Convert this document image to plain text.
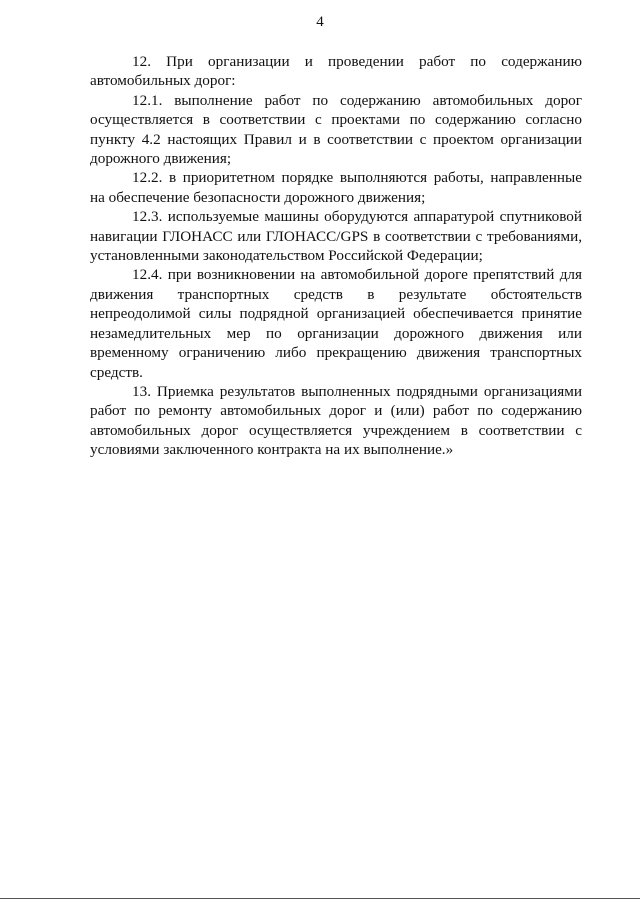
4

12. При организации и проведении работ по содержанию автомобильных дорог:

12.1. выполнение работ по содержанию автомобильных дорог осуществляется в соответствии с проектами по содержанию согласно пункту 4.2 настоящих Правил и в соответствии с проектом организации дорожного движения;

12.2. в приоритетном порядке выполняются работы, направленные на обеспечение безопасности дорожного движения;

12.3. используемые машины оборудуются аппаратурой спутниковой навигации ГЛОНАСС или ГЛОНАСС/GPS в соответствии с требованиями, установленными законодательством Российской Федерации;

12.4. при возникновении на автомобильной дороге препятствий для движения транспортных средств в результате обстоятельств непреодолимой силы подрядной организацией обеспечивается принятие незамедлительных мер по организации дорожного движения или временному ограничению либо прекращению движения транспортных средств.

13. Приемка результатов выполненных подрядными организациями работ по ремонту автомобильных дорог и (или) работ по содержанию автомобильных дорог осуществляется учреждением в соответствии с условиями заключенного контракта на их выполнение.»
